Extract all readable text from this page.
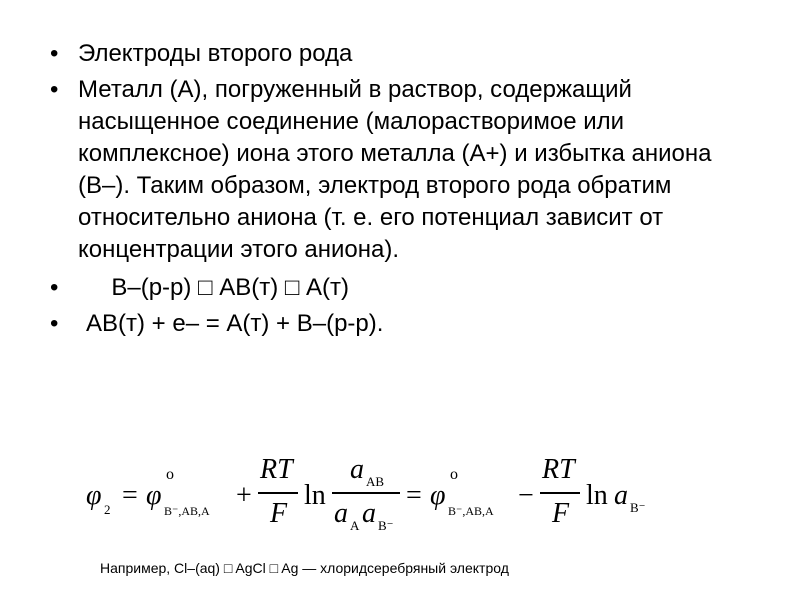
• Электроды второго рода
• Металл (А), погруженный в раствор, содержащий насыщенное соединение (малорастворимое или комплексное) иона этого металла (А+) и избытка аниона (В–). Таким образом, электрод второго рода обратим относительно аниона (т. е. его потенциал зависит от концентрации этого аниона).
• В–(р-р) □ АВ(т) □ А(т)
• АВ(т) + е– = А(т) + В–(р-р).
φ 2 = φ
o
B⁻,AB,A +
RT
F
ln
a AB
a A a B⁻
= φ
o
B⁻,AB,A −
RT
F
ln a B⁻
Например, Cl–(aq) □ AgCl □ Ag — хлоридсеребряный электрод
